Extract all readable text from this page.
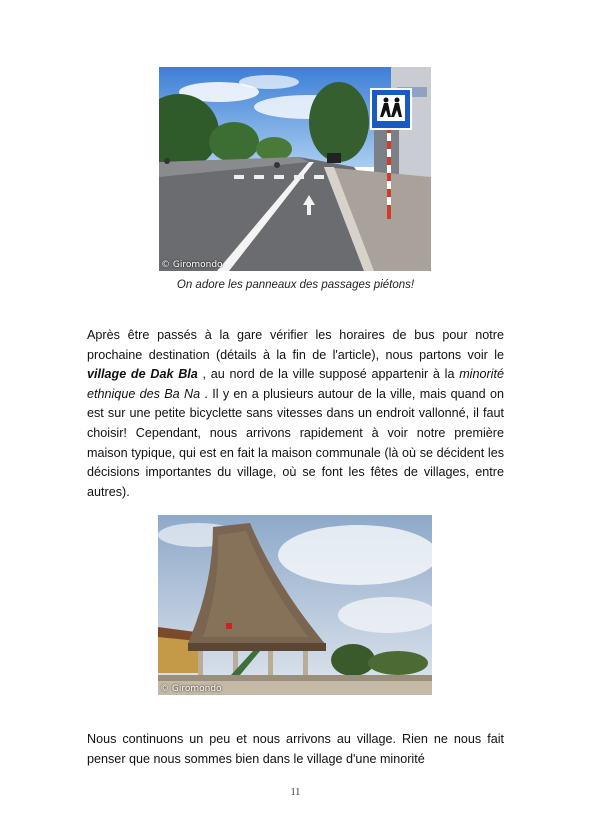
© Giromondo
On adore les panneaux des passages piétons!

Après être passés à la gare vérifier les horaires de bus pour notre prochaine destination (détails à la fin de l'article), nous partons voir le village de Dak Bla , au nord de la ville supposé appartenir à la minorité ethnique des Ba Na . Il y en a plusieurs autour de la ville, mais quand on est sur une petite bicyclette sans vitesses dans un endroit vallonné, il faut choisir! Cependant, nous arrivons rapidement à voir notre première maison typique, qui est en fait la maison communale (là où se décident les décisions importantes du village, où se font les fêtes de villages, entre autres).

© Giromondo

Nous continuons un peu et nous arrivons au village. Rien ne nous fait penser que nous sommes bien dans le village d'une minorité

11
